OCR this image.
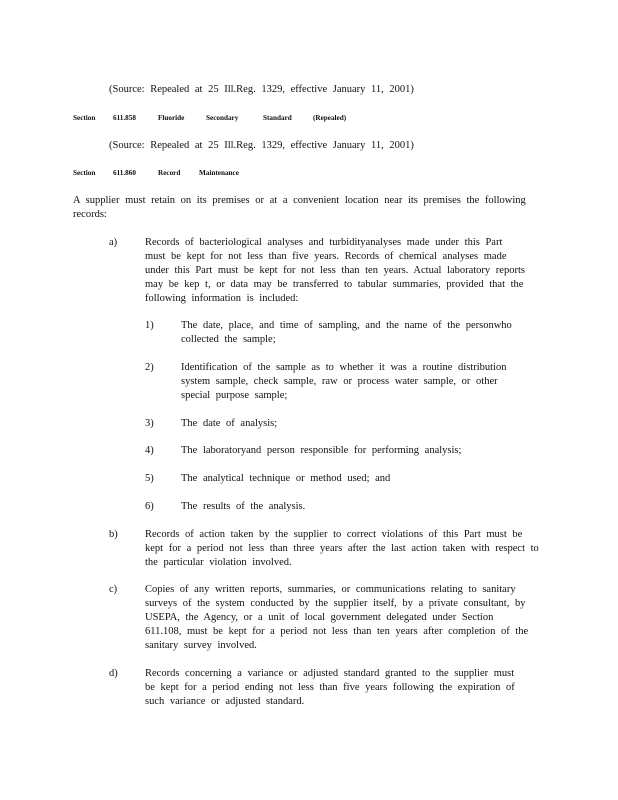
(Source: Repealed at 25 Ill.Reg. 1329, effective January 11, 2001)
Section 611.858	Fluoride	Secondary	Standard	(Repealed)
(Source: Repealed at 25 Ill.Reg. 1329, effective January 11, 2001)
Section 611.860	Record	Maintenance
A supplier must retain on its premises or at a convenient location near its premises the following
records:
a)	Records of bacteriological analyses and turbidityanalyses made under this Part
must be kept for not less than five years. Records of chemical analyses made
under this Part must be kept for not less than ten years. Actual laboratory reports
may be kep t, or data may be transferred to tabular summaries, provided that the
following information is included:
1)	The date, place, and time of sampling, and the name of the personwho
collected the sample;
2)	Identification of the sample as to whether it was a routine distribution
system sample, check sample, raw or process water sample, or other
special purpose sample;
3)	The date of analysis;
4)	The laboratoryand person responsible for performing analysis;
5)	The analytical technique or method used; and
6)	The results of the analysis.
b)	Records of action taken by the supplier to correct violations of this Part must be
kept for a period not less than three years after the last action taken with respect to
the particular violation involved.
c)	Copies of any written reports, summaries, or communications relating to sanitary
surveys of the system conducted by the supplier itself, by a private consultant, by
USEPA, the Agency, or a unit of local government delegated under Section
611.108, must be kept for a period not less than ten years after completion of the
sanitary survey involved.
d)	Records concerning a variance or adjusted standard granted to the supplier must
be kept for a period ending not less than five years following the expiration of
such variance or adjusted standard.
